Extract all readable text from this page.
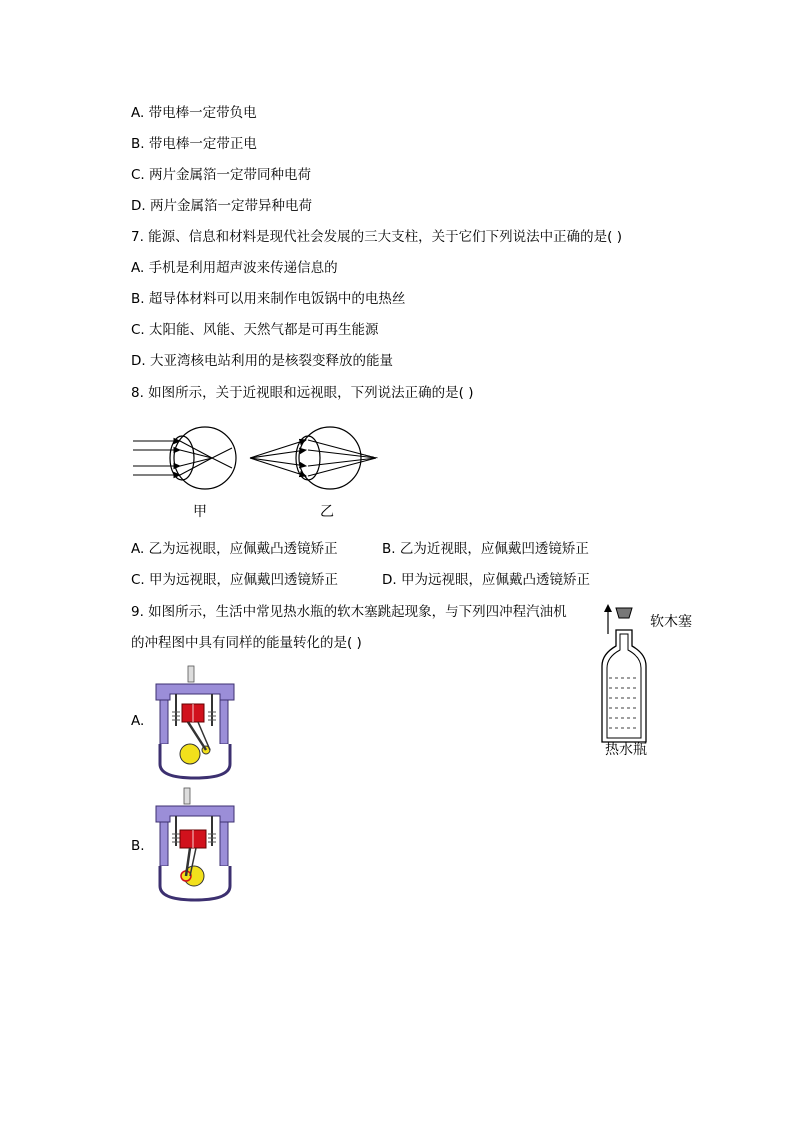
A. 带电棒一定带负电
B. 带电棒一定带正电
C. 两片金属箔一定带同种电荷
D. 两片金属箔一定带异种电荷
7. 能源、信息和材料是现代社会发展的三大支柱，关于它们下列说法中正确的是( )
A. 手机是利用超声波来传递信息的
B. 超导体材料可以用来制作电饭锅中的电热丝
C. 太阳能、风能、天然气都是可再生能源
D. 大亚湾核电站利用的是核裂变释放的能量
8. 如图所示，关于近视眼和远视眼，下列说法正确的是( )
甲	乙
A. 乙为远视眼，应佩戴凸透镜矫正	B. 乙为近视眼，应佩戴凹透镜矫正
C. 甲为远视眼，应佩戴凹透镜矫正	D. 甲为远视眼，应佩戴凸透镜矫正
9. 如图所示，生活中常见热水瓶的软木塞跳起现象，与下列四冲程汽油机
的冲程图中具有同样的能量转化的是( )
软木塞
热水瓶
A.
B.
